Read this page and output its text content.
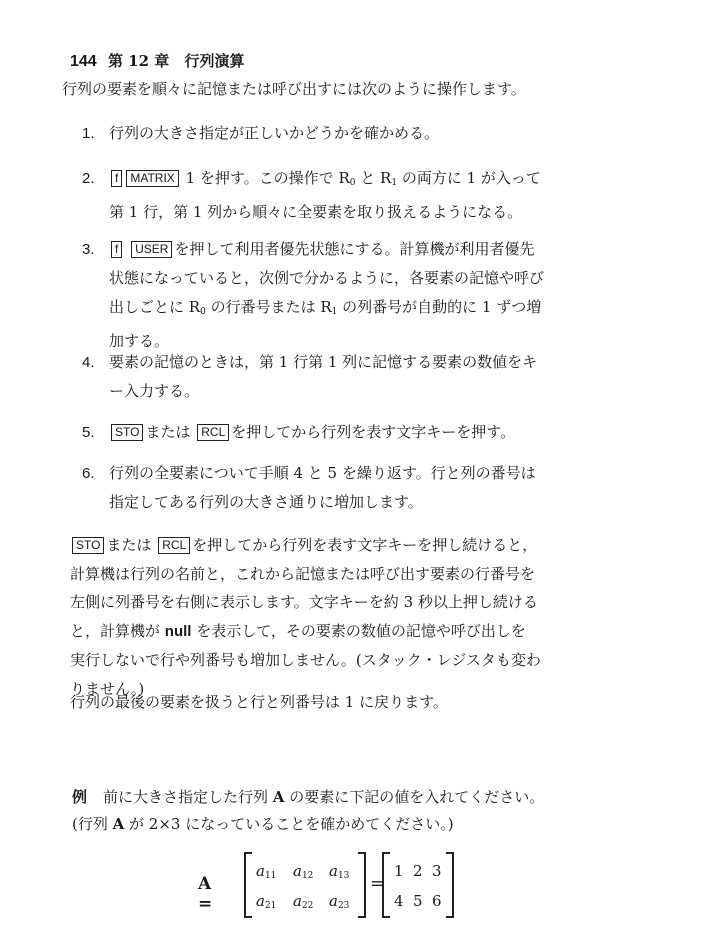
144 第 12 章 行列演算
行列の要素を順々に記憶または呼び出すには次のように操作します。
1. 行列の大きさ指定が正しいかどうかを確かめる。
2.	f MATRIX 1 を押す。この操作で $R_0$ と $R_1$ の両方に 1 が入って
第 1 行，第 1 列から順々に全要素を取り扱えるようになる。
3.	f USER を押して利用者優先状態にする。計算機が利用者優先
状態になっていると，次例で分かるように，各要素の記憶や呼び
出しごとに $R_0$ の行番号または $R_1$ の列番号が自動的に 1 ずつ増
加する。
4. 要素の記憶のときは，第 1 行第 1 列に記憶する要素の数値をキ
ー入力する。
5.	STO または RCL を押してから行列を表す文字キーを押す。
6. 行列の全要素について手順 4 と 5 を繰り返す。行と列の番号は
指定してある行列の大きさ通りに増加します。
STO または RCL を押してから行列を表す文字キーを押し続けると，
計算機は行列の名前と，これから記憶または呼び出す要素の行番号を
左側に列番号を右側に表示します。文字キーを約 3 秒以上押し続ける
と，計算機が null を表示して，その要素の数値の記憶や呼び出しを
実行しないで行や列番号も増加しません。(スタック・レジスタも変わ
りません。)
行列の最後の要素を扱うと行と列番号は 1 に戻ります。
例 前に大きさ指定した行列 A の要素に下記の値を入れてください。
(行列 A が 2×3 になっていることを確かめてください。)
A =
$a_{11}$ $a_{12}$ $a_{13}$
$a_{21}$ $a_{22}$ $a_{23}$
=
1 2 3
4 5 6
